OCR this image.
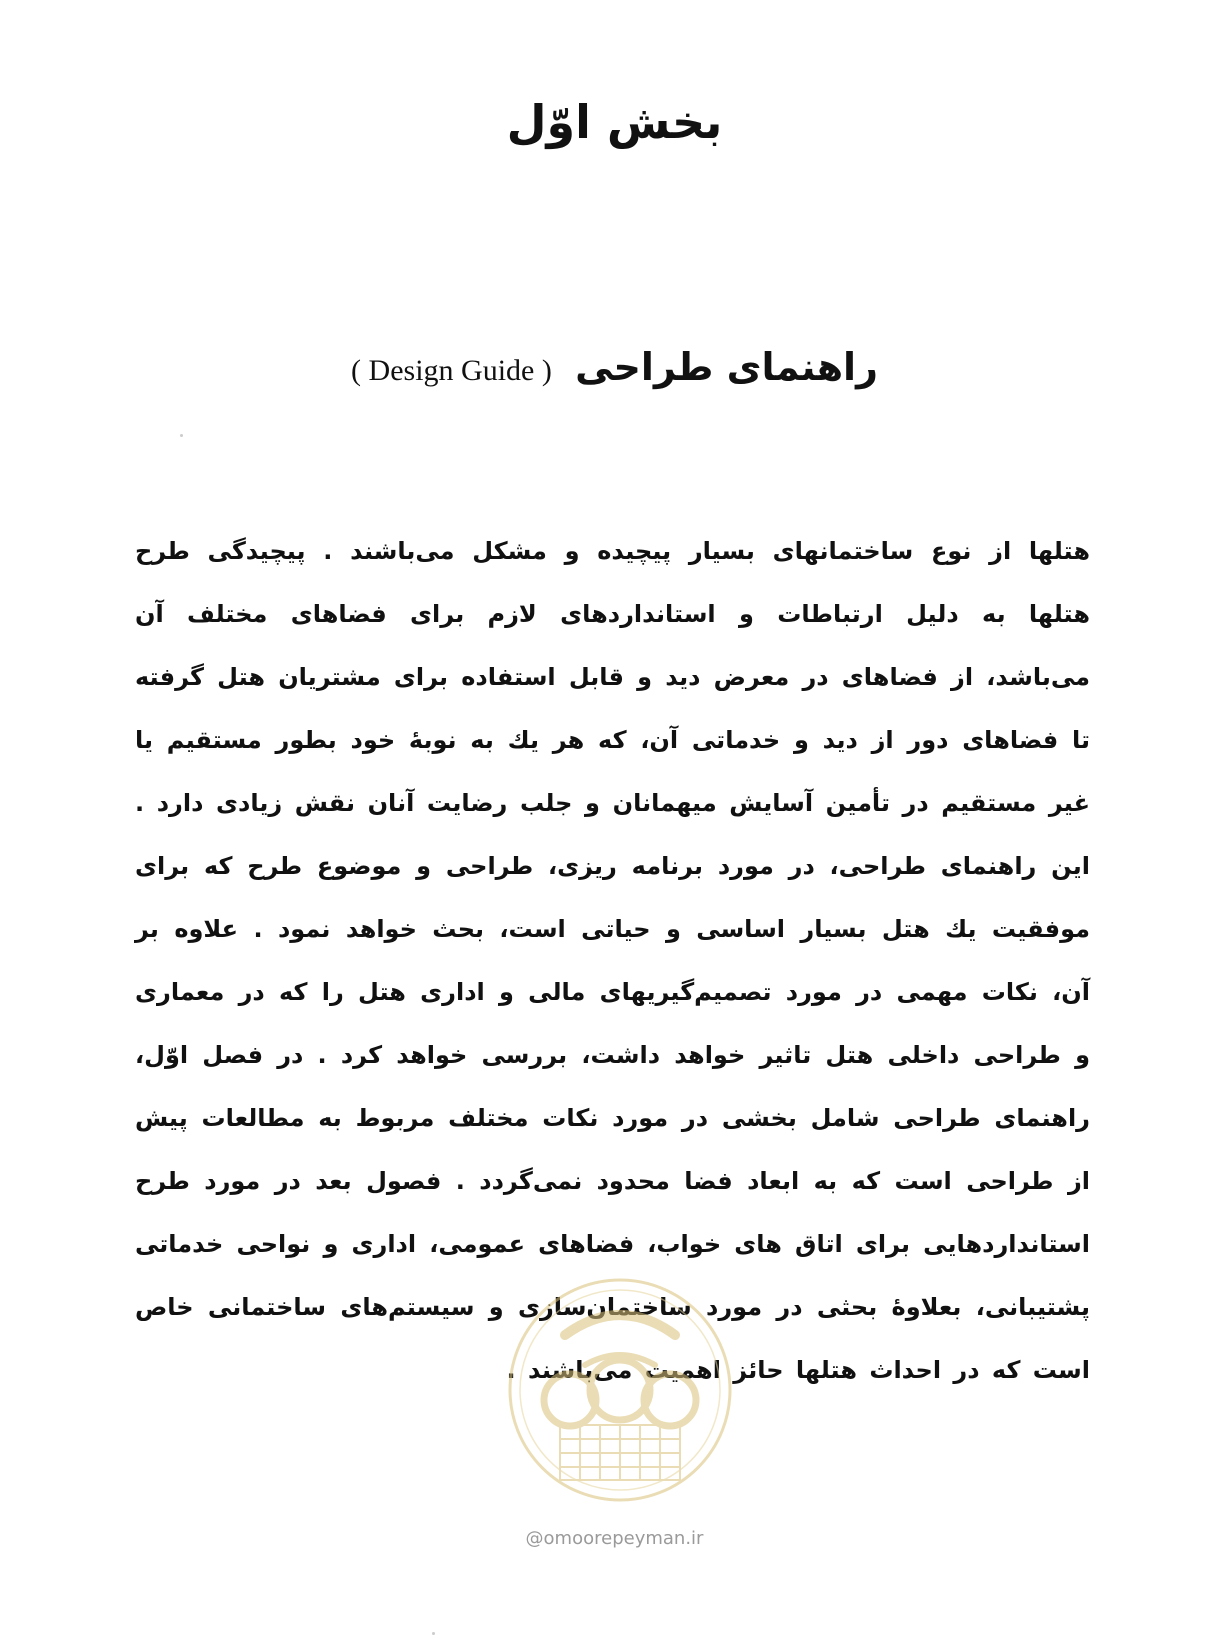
بخش اوّل
راهنمای طراحی ( Design Guide )
هتلها از نوع ساختمانهای بسیار پیچیده و مشکل می‌باشند . پیچیدگی طرح هتلها به دلیل ارتباطات و استانداردهای لازم برای فضاهای مختلف آن می‌باشد، از فضاهای در معرض دید و قابل استفاده برای مشتریان هتل گرفته تا فضاهای دور از دید و خدماتی آن، که هر یك به نوبهٔ خود بطور مستقیم یا غیر مستقیم در تأمین آسایش میهمانان و جلب رضایت آنان نقش زیادی دارد . این راهنمای طراحی، در مورد برنامه ریزی، طراحی و موضوع طرح که برای موفقیت یك هتل بسیار اساسی و حیاتی است، بحث خواهد نمود . علاوه بر آن، نکات مهمی در مورد تصمیم‌گیریهای مالی و اداری هتل را که در معماری و طراحی داخلی هتل تاثیر خواهد داشت، بررسی خواهد کرد . در فصل اوّل، راهنمای طراحی شامل بخشی در مورد نکات مختلف مربوط به مطالعات پیش از طراحی است که به ابعاد فضا محدود نمی‌گردد . فصول بعد در مورد طرح استانداردهایی برای اتاق های خواب، فضاهای عمومی، اداری و نواحی خدماتی پشتیبانی، بعلاوهٔ بحثی در مورد ساختمان‌سازی و سیستم‌های ساختمانی خاص است که در احداث هتلها حائز اهمیت می‌باشند .
@omoorepeyman.ir
